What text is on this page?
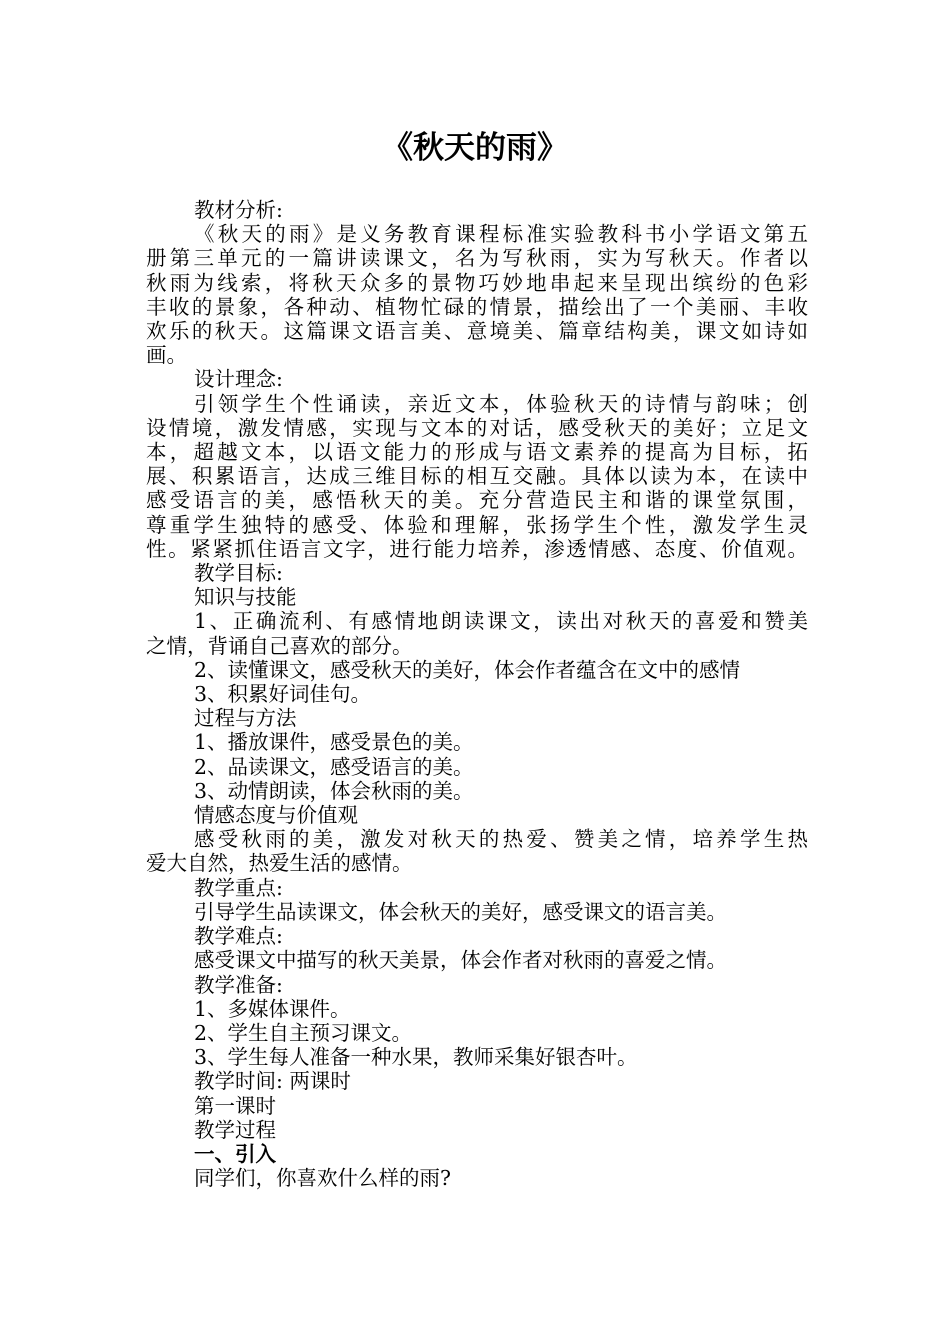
《秋天的雨》
教材分析:
《秋天的雨》是义务教育课程标准实验教科书小学语文第五
册第三单元的一篇讲读课文，名为写秋雨，实为写秋天。作者以
秋雨为线索，将秋天众多的景物巧妙地串起来呈现出缤纷的色彩
丰收的景象，各种动、植物忙碌的情景，描绘出了一个美丽、丰收
欢乐的秋天。这篇课文语言美、意境美、篇章结构美，课文如诗如
画。
设计理念:
引领学生个性诵读，亲近文本，体验秋天的诗情与韵味；创
设情境，激发情感，实现与文本的对话，感受秋天的美好；立足文
本，超越文本，以语文能力的形成与语文素养的提高为目标，拓
展、积累语言，达成三维目标的相互交融。具体以读为本，在读中
感受语言的美，感悟秋天的美。充分营造民主和谐的课堂氛围，
尊重学生独特的感受、体验和理解，张扬学生个性，激发学生灵
性。紧紧抓住语言文字，进行能力培养，渗透情感、态度、价值观。
教学目标:
知识与技能
1、正确流利、有感情地朗读课文，读出对秋天的喜爱和赞美
之情，背诵自己喜欢的部分。
2、读懂课文，感受秋天的美好，体会作者蕴含在文中的感情
3、积累好词佳句。
过程与方法
1、播放课件，感受景色的美。
2、品读课文，感受语言的美。
3、动情朗读，体会秋雨的美。
情感态度与价值观
感受秋雨的美，激发对秋天的热爱、赞美之情，培养学生热
爱大自然，热爱生活的感情。
教学重点:
引导学生品读课文，体会秋天的美好，感受课文的语言美。
教学难点:
感受课文中描写的秋天美景，体会作者对秋雨的喜爱之情。
教学准备:
1、多媒体课件。
2、学生自主预习课文。
3、学生每人准备一种水果，教师采集好银杏叶。
教学时间: 两课时
第一课时
教学过程
一、引入
同学们，你喜欢什么样的雨?
